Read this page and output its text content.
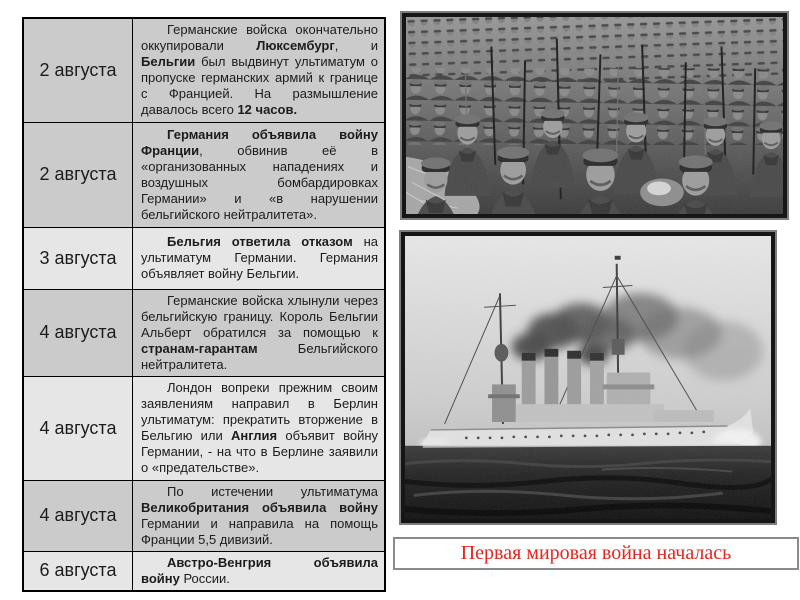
2 августа	Германские войска окончательно оккупировали Люксембург, и Бельгии был выдвинут ультиматум о пропуске германских армий к границе с Францией. На размышление давалось всего 12 часов.
2 августа	Германия объявила войну Франции, обвинив её в «организованных нападениях и воздушных бомбардировках Германии» и «в нарушении бельгийского нейтралитета».
3 августа	Бельгия ответила отказом на ультиматум Германии. Германия объявляет войну Бельгии.
4 августа	Германские войска хлынули через бельгийскую границу. Король Бельгии Альберт обратился за помощью к странам-гарантам Бельгийского нейтралитета.
4 августа	Лондон вопреки прежним своим заявлениям направил в Берлин ультиматум: прекратить вторжение в Бельгию или Англия объявит войну Германии, - на что в Берлине заявили о «предательстве».
4 августа	По истечении ультиматума Великобритания объявила войну Германии и направила на помощь Франции 5,5 дивизий.
6 августа	Австро-Венгрия объявила войну России.
Первая мировая война началась
